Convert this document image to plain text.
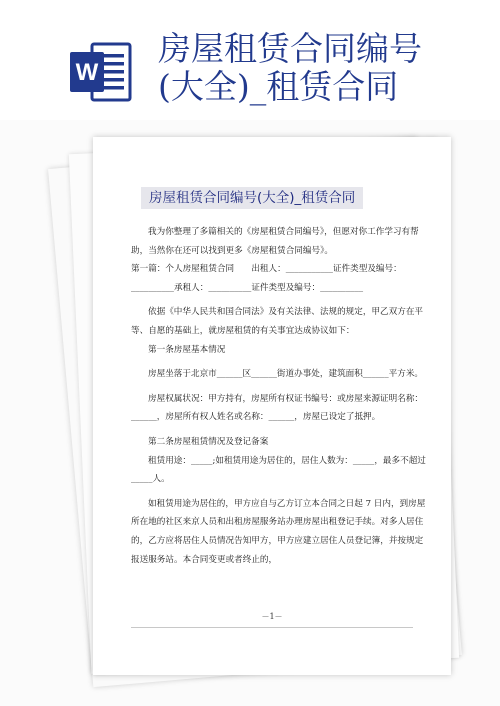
W
房屋租赁合同编号
(大全)_租赁合同
房屋租赁合同编号(大全)_租赁合同

我为你整理了多篇相关的《房屋租赁合同编号》，但愿对你工作学习有帮助，当然你在还可以找到更多《房屋租赁合同编号》。

第一篇：个人房屋租赁合同　　出租人：___________证件类型及编号：__________承租人：__________证件类型及编号：__________

依据《中华人民共和国合同法》及有关法律、法规的规定，甲乙双方在平等、自愿的基础上，就房屋租赁的有关事宜达成协议如下：

第一条房屋基本情况

房屋坐落于北京市______区______街道办事处，建筑面积______平方米。

房屋权属状况：甲方持有，房屋所有权证书编号：或房屋来源证明名称：______，房屋所有权人姓名或名称：______，房屋已设定了抵押。

第二条房屋租赁情况及登记备案

租赁用途：_____;如租赁用途为居住的，居住人数为：_____，最多不超过_____人。

如租赁用途为居住的，甲方应自与乙方订立本合同之日起 7 日内，到房屋所在地的社区来京人员和出租房屋服务站办理房屋出租登记手续。对多人居住的，乙方应将居住人员情况告知甲方，甲方应建立居住人员登记簿，并按规定报送服务站。本合同变更或者终止的，

－1－
